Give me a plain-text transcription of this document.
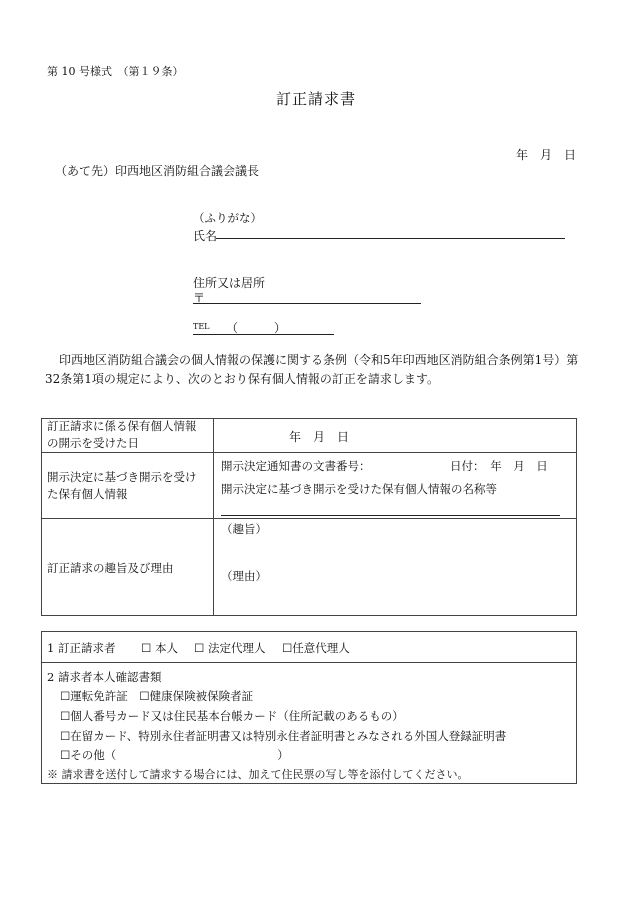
第 10 号様式　（第１９条）
訂正請求書
年　月　日
（あて先）印西地区消防組合議会議長
（ふりがな）
氏名
住所又は居所
〒
TEL （　　　）
印西地区消防組合議会の個人情報の保護に関する条例（令和5年印西地区消防組合条例第1号）第32条第1項の規定により、次のとおり保有個人情報の訂正を請求します。
訂正請求に係る保有個人情報の開示を受けた日	年　月　日
開示決定に基づき開示を受けた保有個人情報
開示決定通知書の文書番号：	日付：　年　月　日
開示決定に基づき開示を受けた保有個人情報の名称等
訂正請求の趣旨及び理由
（趣旨）
（理由）
1 訂正請求者 ☐ 本人 ☐ 法定代理人 ☐任意代理人
2 請求者本人確認書類
☐運転免許証　☐健康保険被保険者証
☐個人番号カード又は住民基本台帳カード（住所記載のあるもの）
☐在留カード、特別永住者証明書又は特別永住者証明書とみなされる外国人登録証明書
☐その他（　　　　　　　　　　　　　　）
※ 請求書を送付して請求する場合には、加えて住民票の写し等を添付してください。
